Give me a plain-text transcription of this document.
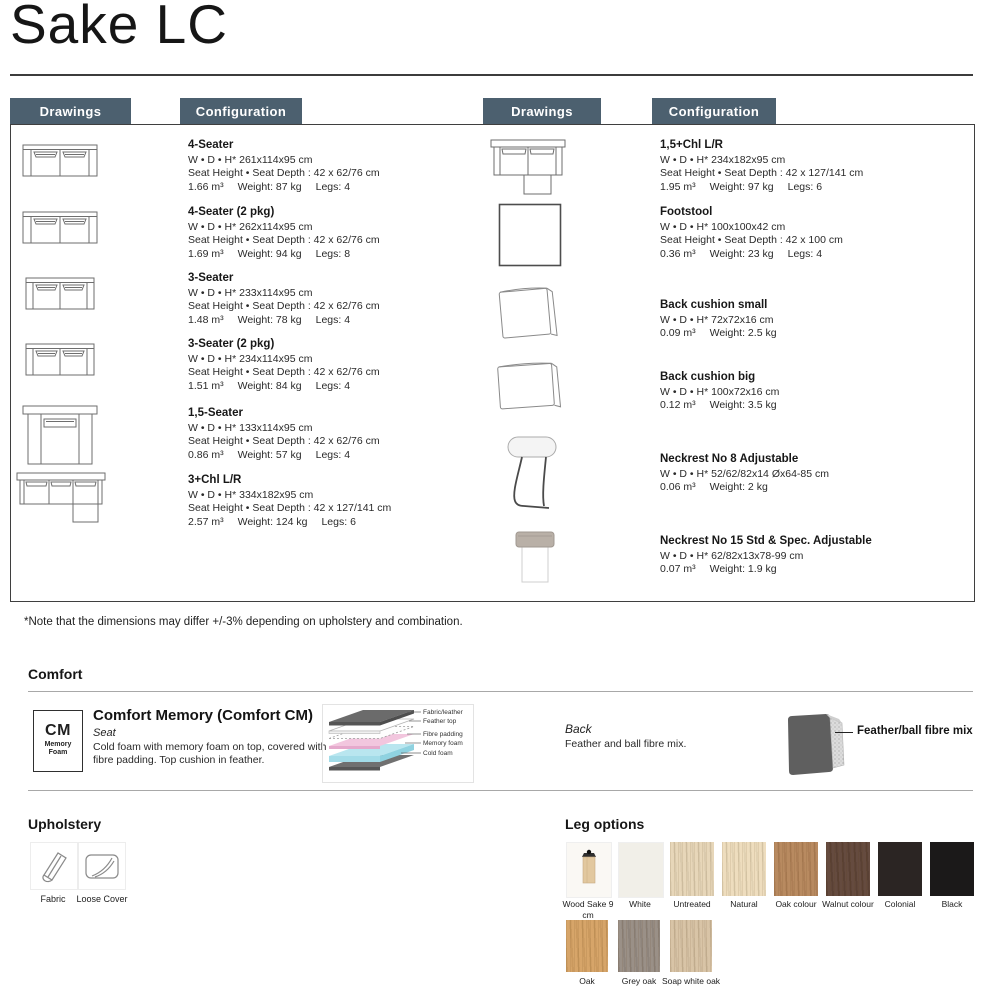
Sake LC
Drawings	Configuration	Drawings	Configuration
4-Seater
W • D • H* 261x114x95 cm
Seat Height • Seat Depth : 42 x 62/76 cm
1.66 m³ Weight: 87 kg Legs: 4
4-Seater (2 pkg)
W • D • H* 262x114x95 cm
Seat Height • Seat Depth : 42 x 62/76 cm
1.69 m³ Weight: 94 kg Legs: 8
3-Seater
W • D • H* 233x114x95 cm
Seat Height • Seat Depth : 42 x 62/76 cm
1.48 m³ Weight: 78 kg Legs: 4
3-Seater (2 pkg)
W • D • H* 234x114x95 cm
Seat Height • Seat Depth : 42 x 62/76 cm
1.51 m³ Weight: 84 kg Legs: 4
1,5-Seater
W • D • H* 133x114x95 cm
Seat Height • Seat Depth : 42 x 62/76 cm
0.86 m³ Weight: 57 kg Legs: 4
3+Chl L/R
W • D • H* 334x182x95 cm
Seat Height • Seat Depth : 42 x 127/141 cm
2.57 m³ Weight: 124 kg Legs: 6
1,5+Chl L/R
W • D • H* 234x182x95 cm
Seat Height • Seat Depth : 42 x 127/141 cm
1.95 m³ Weight: 97 kg Legs: 6
Footstool
W • D • H* 100x100x42 cm
Seat Height • Seat Depth : 42 x 100 cm
0.36 m³ Weight: 23 kg Legs: 4
Back cushion small
W • D • H* 72x72x16 cm
0.09 m³ Weight: 2.5 kg
Back cushion big
W • D • H* 100x72x16 cm
0.12 m³ Weight: 3.5 kg
Neckrest No 8 Adjustable
W • D • H* 52/62/82x14 Øx64-85 cm
0.06 m³ Weight: 2 kg
Neckrest No 15 Std & Spec. Adjustable
W • D • H* 62/82x13x78-99 cm
0.07 m³ Weight: 1.9 kg
*Note that the dimensions may differ +/-3% depending on upholstery and combination.
Comfort
CM
Memory Foam
Comfort Memory (Comfort CM)
Seat
Cold foam with memory foam on top, covered with fibre padding. Top cushion in feather.
Fabric/leather
Feather top
Fibre padding
Memory foam
Cold foam
Back
Feather and ball fibre mix.
Feather/ball fibre mix
Upholstery
Fabric	Loose Cover
Leg options
Wood Sake 9 cm
White	Untreated	Natural	Oak colour Walnut colour	Colonial	Black
Oak	Grey oak Soap white oak
